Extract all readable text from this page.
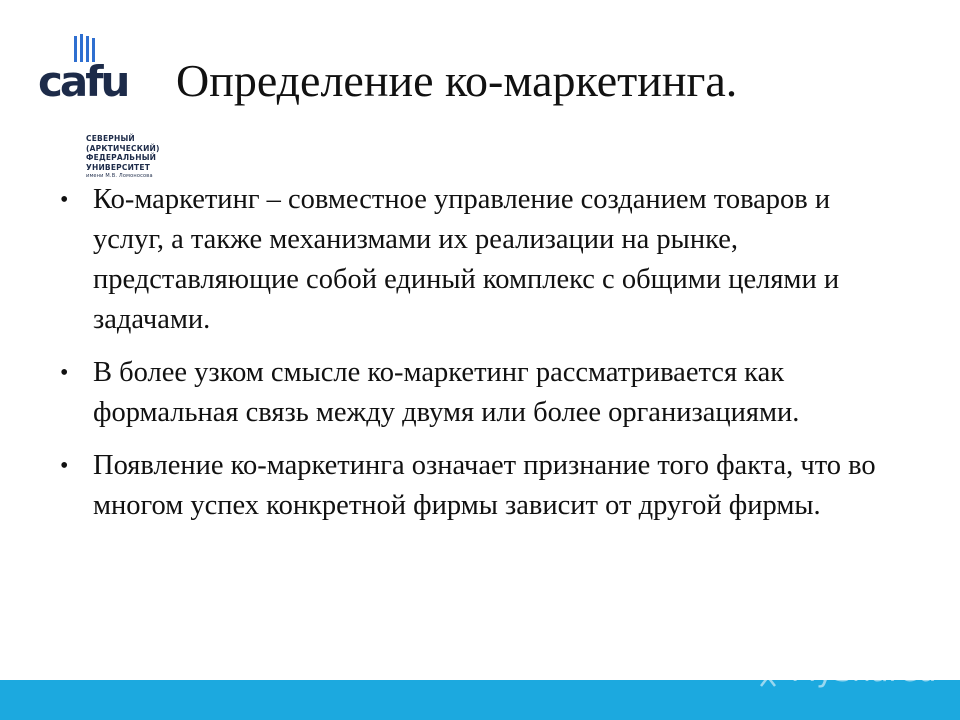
cafu
СЕВЕРНЫЙ
(АРКТИЧЕСКИЙ)
ФЕДЕРАЛЬНЫЙ
УНИВЕРСИТЕТ
имени М.В. Ломоносова
Определение ко-маркетинга.
• Ко-маркетинг – совместное управление созданием товаров и услуг, а также механизмами их реализации на рынке, представляющие собой единый комплекс с общими целями и задачами.
• В более узком смысле ко-маркетинг рассматривается как формальная связь между двумя или более организациями.
• Появление ко-маркетинга означает признание того факта, что во многом успех конкретной фирмы зависит от другой фирмы.
MyShared
